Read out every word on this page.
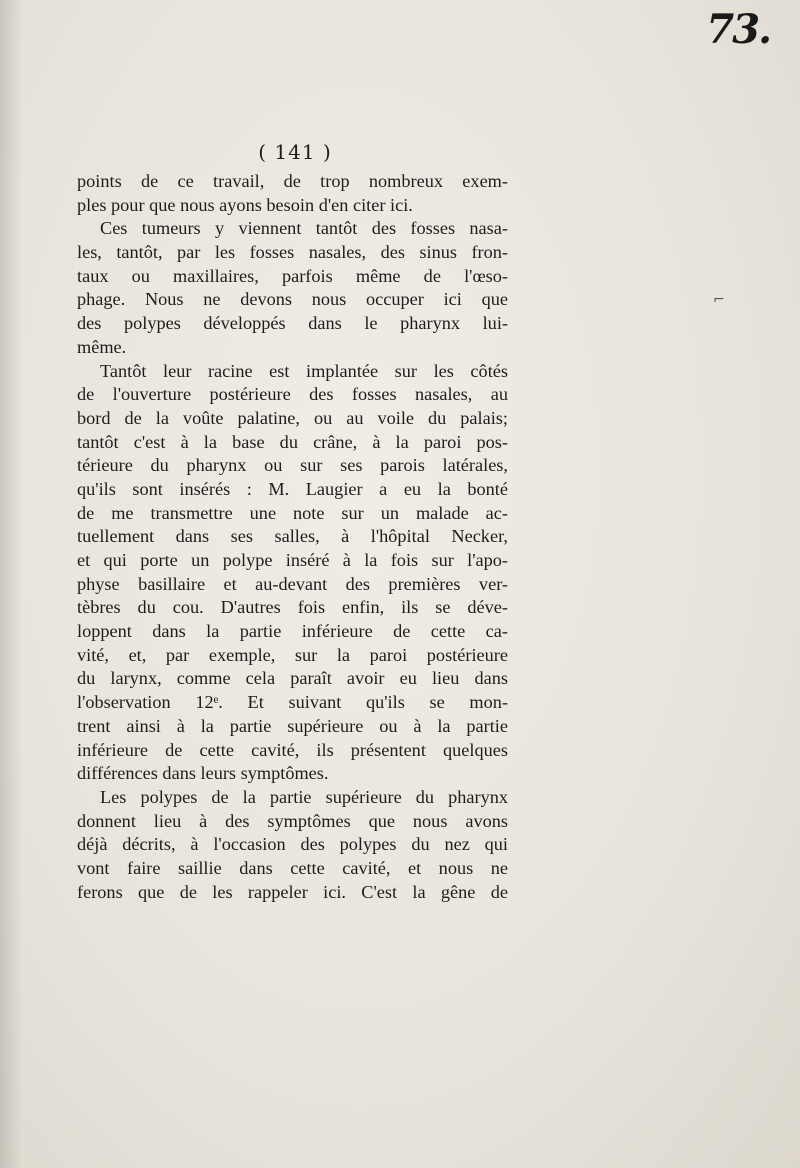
73.
( 141 )
points de ce travail, de trop nombreux exem-
ples pour que nous ayons besoin d'en citer ici.
Ces tumeurs y viennent tantôt des fosses nasa-
les, tantôt, par les fosses nasales, des sinus fron-
taux ou maxillaires, parfois même de l'œso-
phage. Nous ne devons nous occuper ici que
des polypes développés dans le pharynx lui-
même.
Tantôt leur racine est implantée sur les côtés
de l'ouverture postérieure des fosses nasales, au
bord de la voûte palatine, ou au voile du palais;
tantôt c'est à la base du crâne, à la paroi pos-
térieure du pharynx ou sur ses parois latérales,
qu'ils sont insérés : M. Laugier a eu la bonté
de me transmettre une note sur un malade ac-
tuellement dans ses salles, à l'hôpital Necker,
et qui porte un polype inséré à la fois sur l'apo-
physe basillaire et au-devant des premières ver-
tèbres du cou. D'autres fois enfin, ils se déve-
loppent dans la partie inférieure de cette ca-
vité, et, par exemple, sur la paroi postérieure
du larynx, comme cela paraît avoir eu lieu dans
l'observation 12ᵉ. Et suivant qu'ils se mon-
trent ainsi à la partie supérieure ou à la partie
inférieure de cette cavité, ils présentent quelques
différences dans leurs symptômes.
Les polypes de la partie supérieure du pharynx
donnent lieu à des symptômes que nous avons
déjà décrits, à l'occasion des polypes du nez qui
vont faire saillie dans cette cavité, et nous ne
ferons que de les rappeler ici. C'est la gêne de
⌐
